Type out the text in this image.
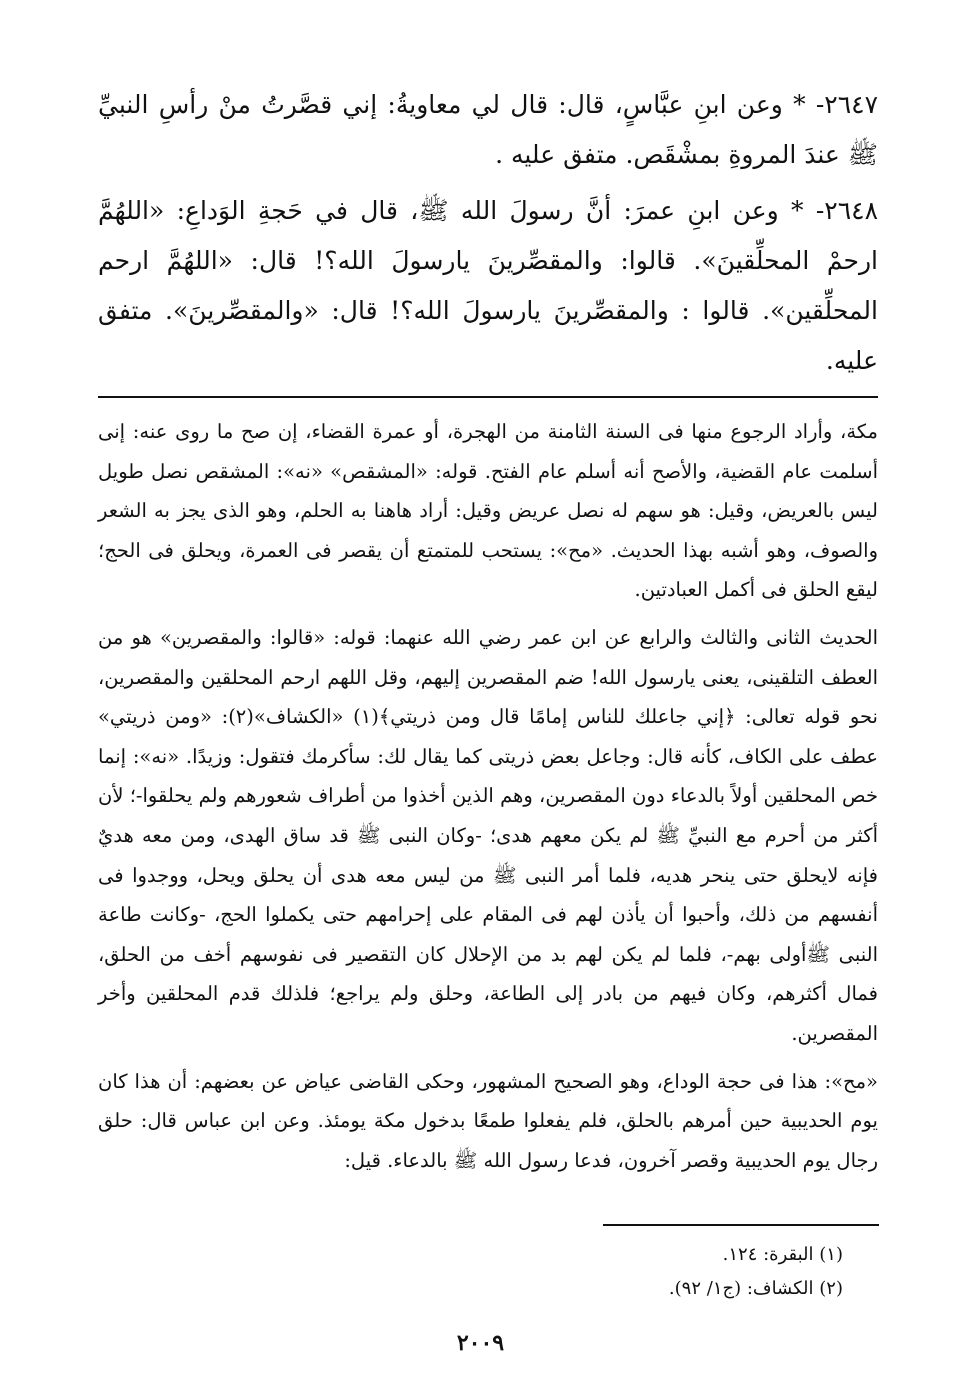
٢٦٤٧- * وعن ابنِ عبَّاسٍ، قال: قال لي معاويةُ: إني قصَّرتُ منْ رأسِ النبيِّ ﷺ عندَ المروةِ بمشْقَص. متفق عليه .

٢٦٤٨- * وعن ابنِ عمرَ: أنَّ رسولَ الله ﷺ، قال في حَجةِ الوَداعِ: «اللهُمَّ ارحمْ المحلِّقينَ». قالوا: والمقصِّرينَ يارسولَ الله؟! قال: «اللهُمَّ ارحم المحلِّقين». قالوا : والمقصِّرينَ يارسولَ الله؟! قال: «والمقصِّرينَ». متفق عليه.

مكة، وأراد الرجوع منها فى السنة الثامنة من الهجرة، أو عمرة القضاء، إن صح ما روى عنه: إنى أسلمت عام القضية، والأصح أنه أسلم عام الفتح. قوله: «المشقص» «نه»: المشقص نصل طويل ليس بالعريض، وقيل: هو سهم له نصل عريض وقيل: أراد هاهنا به الحلم، وهو الذى يجز به الشعر والصوف، وهو أشبه بهذا الحديث. «مح»: يستحب للمتمتع أن يقصر فى العمرة، ويحلق فى الحج؛ ليقع الحلق فى أكمل العبادتين.

الحديث الثانى والثالث والرابع عن ابن عمر رضي الله عنهما: قوله: «قالوا: والمقصرين» هو من العطف التلقينى، يعنى يارسول الله! ضم المقصرين إليهم، وقل اللهم ارحم المحلقين والمقصرين، نحو قوله تعالى: ﴿إني جاعلك للناس إمامًا قال ومن ذريتي﴾(١) «الكشاف»(٢): «ومن ذريتي» عطف على الكاف، كأنه قال: وجاعل بعض ذريتى كما يقال لك: سأكرمك فتقول: وزيدًا. «نه»: إنما خص المحلقين أولاً بالدعاء دون المقصرين، وهم الذين أخذوا من أطراف شعورهم ولم يحلقوا-؛ لأن أكثر من أحرم مع النبيِّ ﷺ لم يكن معهم هدى؛ -وكان النبى ﷺ قد ساق الهدى، ومن معه هديٌ فإنه لايحلق حتى ينحر هديه، فلما أمر النبى ﷺ من ليس معه هدى أن يحلق ويحل، ووجدوا فى أنفسهم من ذلك، وأحبوا أن يأذن لهم فى المقام على إحرامهم حتى يكملوا الحج، -وكانت طاعة النبى ﷺأولى بهم-، فلما لم يكن لهم بد من الإحلال كان التقصير فى نفوسهم أخف من الحلق، فمال أكثرهم، وكان فيهم من بادر إلى الطاعة، وحلق ولم يراجع؛ فلذلك قدم المحلقين وأخر المقصرين.

«مح»: هذا فى حجة الوداع، وهو الصحيح المشهور، وحكى القاضى عياض عن بعضهم: أن هذا كان يوم الحديبية حين أمرهم بالحلق، فلم يفعلوا طمعًا بدخول مكة يومئذ. وعن ابن عباس قال: حلق رجال يوم الحديبية وقصر آخرون، فدعا رسول الله ﷺ بالدعاء. قيل:

(١) البقرة: ١٢٤.
(٢) الكشاف: (ج١/ ٩٢).
٢٠٠٩
